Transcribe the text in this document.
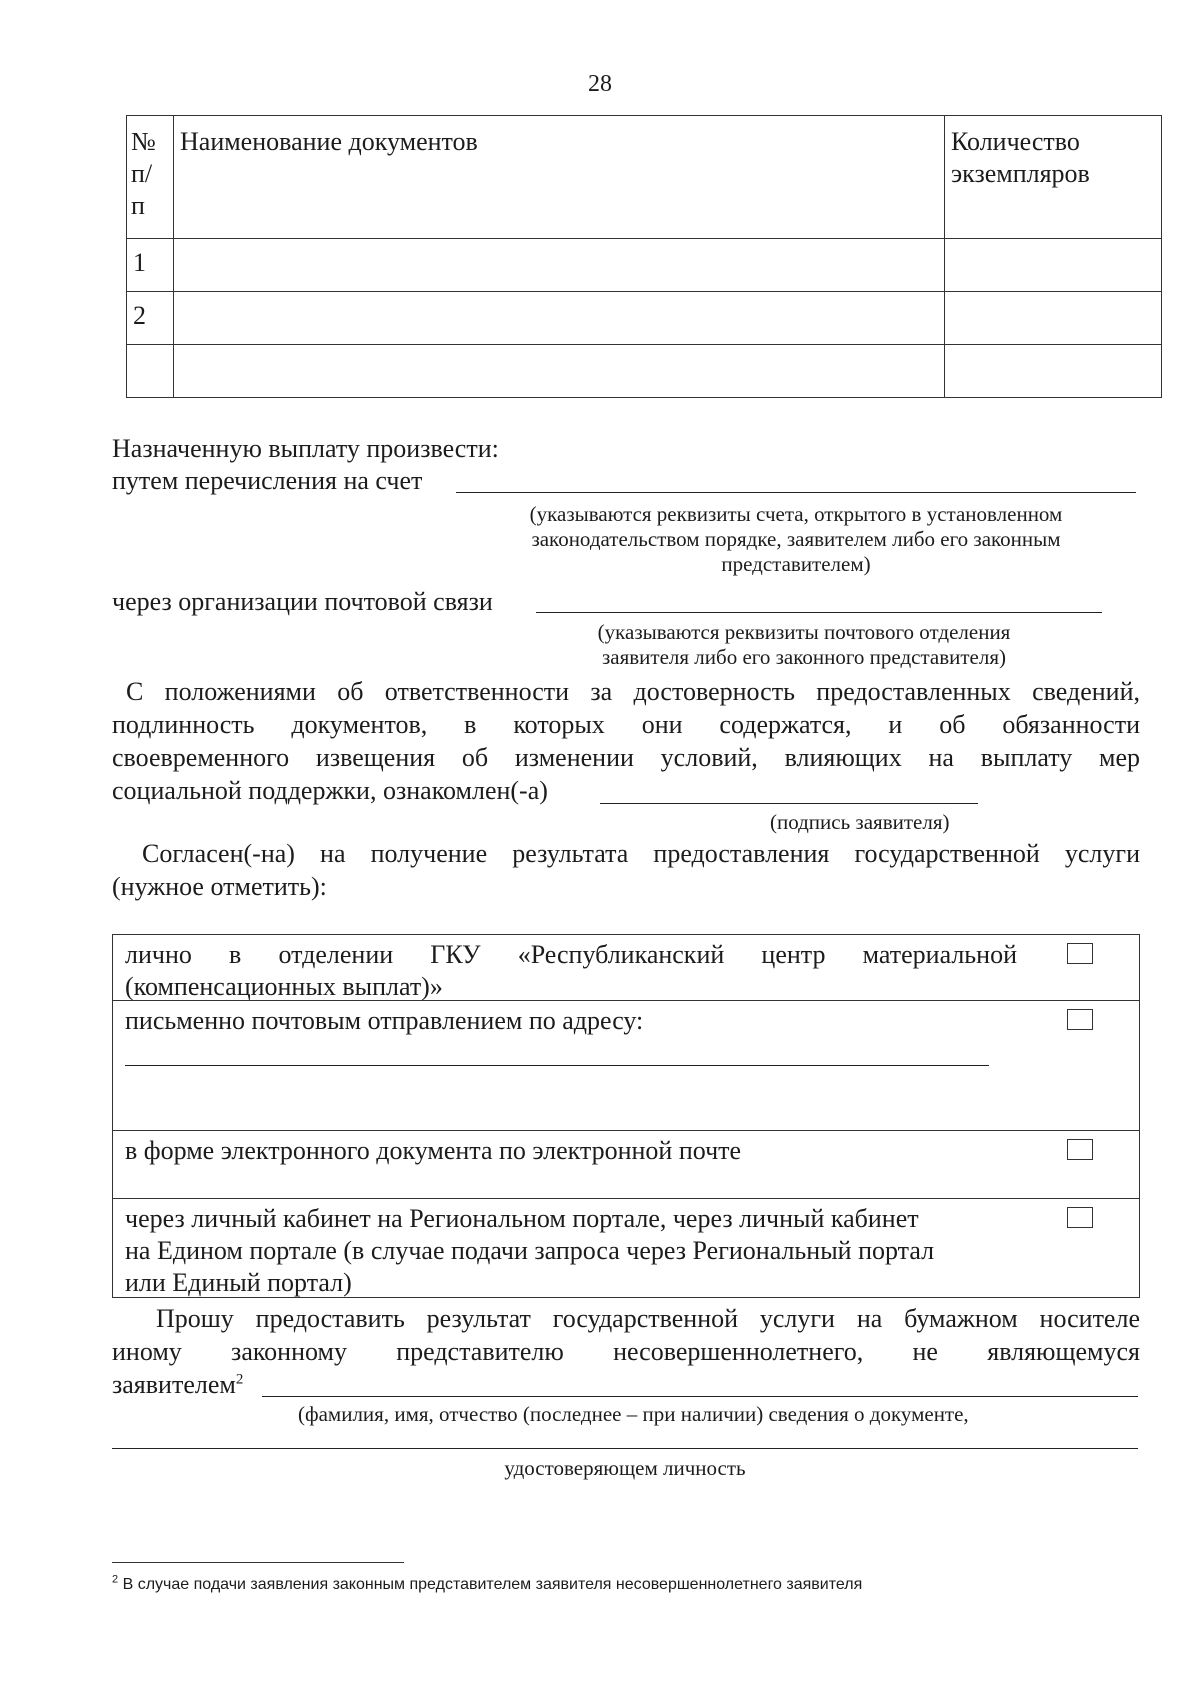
28
№ п/ п	Наименование документов	Количество экземпляров
1		
2		

Назначенную выплату произвести:
путем перечисления на счет
(указываются реквизиты счета, открытого в установленном
законодательством порядке, заявителем либо его законным
представителем)
через организации почтовой связи
(указываются реквизиты почтового отделения
заявителя либо его законного представителя)
С положениями об ответственности за достоверность предоставленных сведений,
подлинность документов, в которых они содержатся, и об обязанности
своевременного извещения об изменении условий, влияющих на выплату мер
социальной поддержки, ознакомлен(-а)
(подпись заявителя)
Согласен(-на) на получение результата предоставления государственной услуги
(нужное отметить):
лично в отделении ГКУ «Республиканский центр материальной
(компенсационных выплат)»
письменно почтовым отправлением по адресу:
в форме электронного документа по электронной почте
через личный кабинет на Региональном портале, через личный кабинет
на Едином портале (в случае подачи запроса через Региональный портал
или Единый портал)
Прошу предоставить результат государственной услуги на бумажном носителе
иному законному представителю несовершеннолетнего, не являющемуся
заявителем$^2$
(фамилия, имя, отчество (последнее – при наличии) сведения о документе,
удостоверяющем личность
$^2$ В случае подачи заявления законным представителем заявителя несовершеннолетнего заявителя
